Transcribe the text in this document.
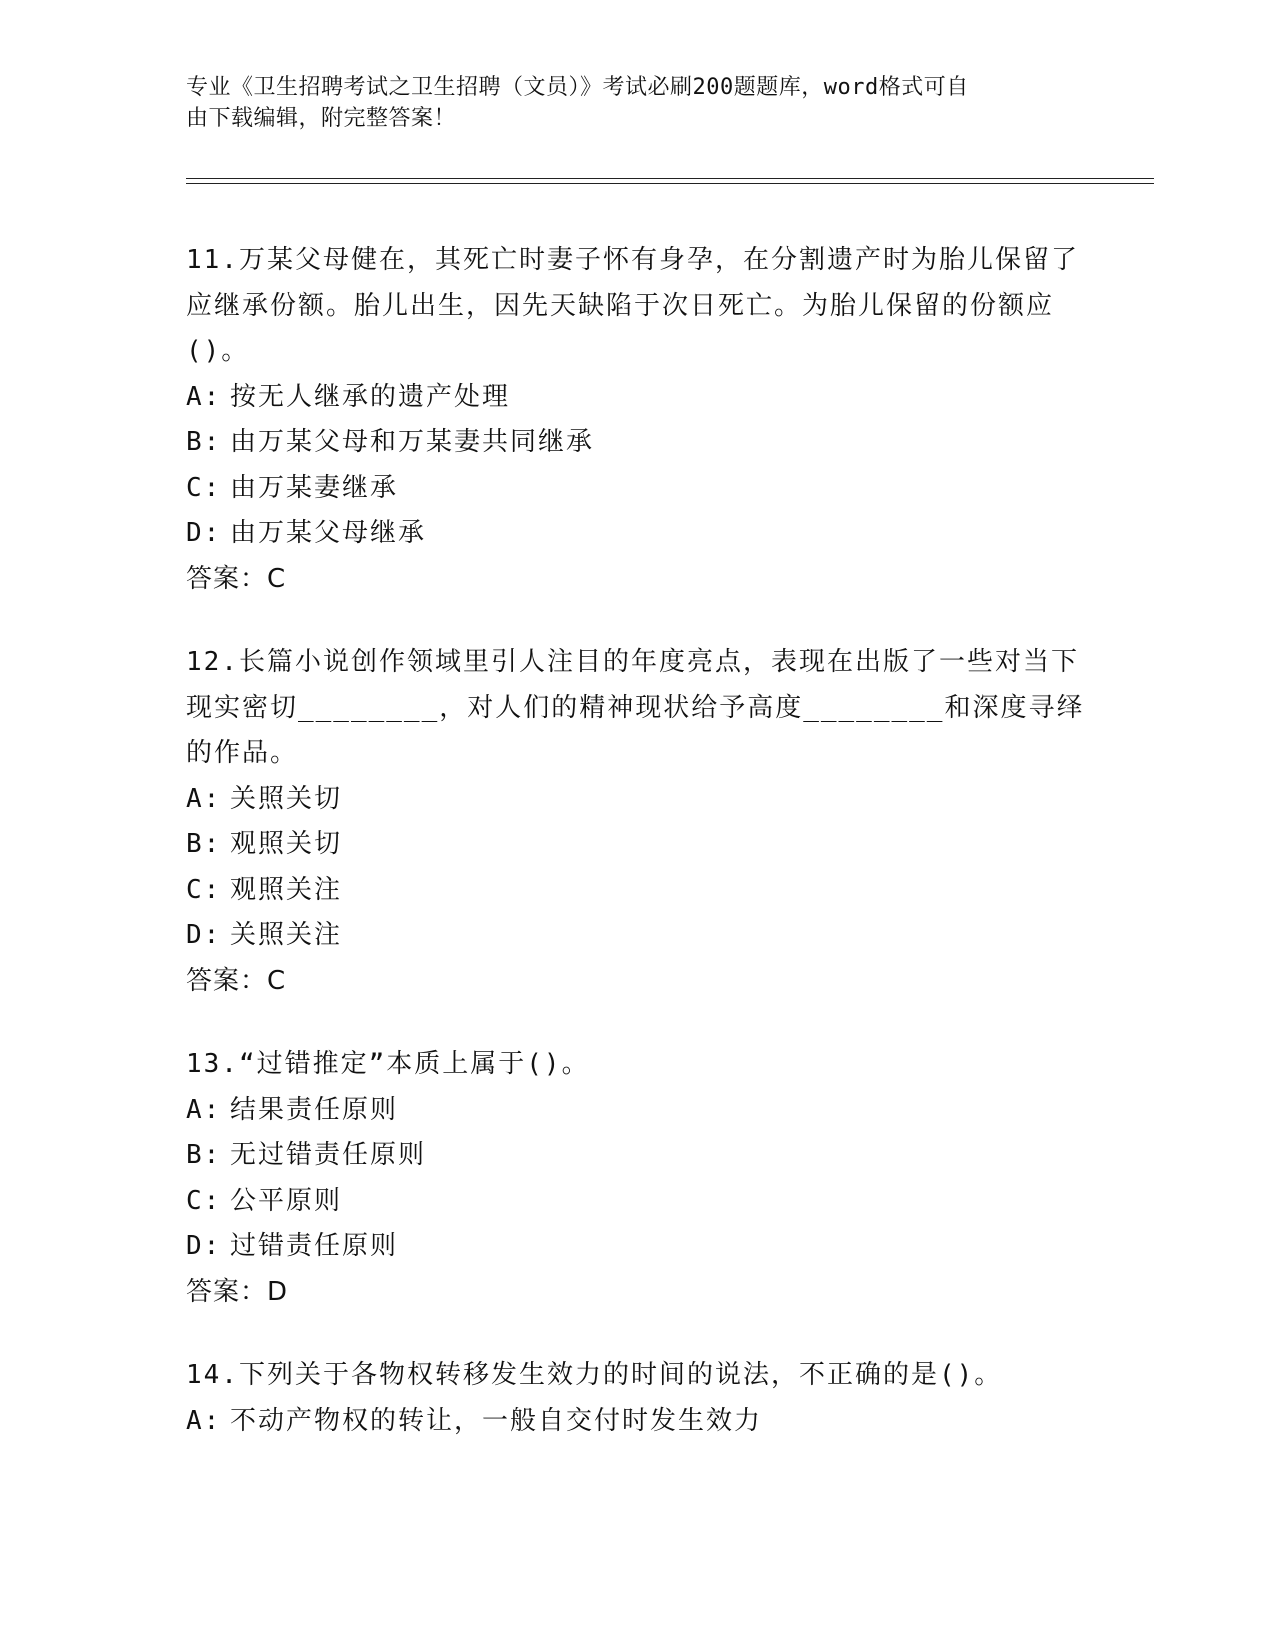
专业《卫生招聘考试之卫生招聘（文员）》考试必刷200题题库，word格式可自
由下载编辑，附完整答案！

11.万某父母健在，其死亡时妻子怀有身孕，在分割遗产时为胎儿保留了应继承份额。胎儿出生，因先天缺陷于次日死亡。为胎儿保留的份额应()。

A: 按无人继承的遗产处理
B: 由万某父母和万某妻共同继承
C: 由万某妻继承
D: 由万某父母继承

答案：C

12.长篇小说创作领域里引人注目的年度亮点，表现在出版了一些对当下现实密切________，对人们的精神现状给予高度________和深度寻绎的作品。

A: 关照关切
B: 观照关切
C: 观照关注
D: 关照关注

答案：C

13.“过错推定”本质上属于()。

A: 结果责任原则
B: 无过错责任原则
C: 公平原则
D: 过错责任原则

答案：D

14.下列关于各物权转移发生效力的时间的说法，不正确的是()。

A: 不动产物权的转让，一般自交付时发生效力
